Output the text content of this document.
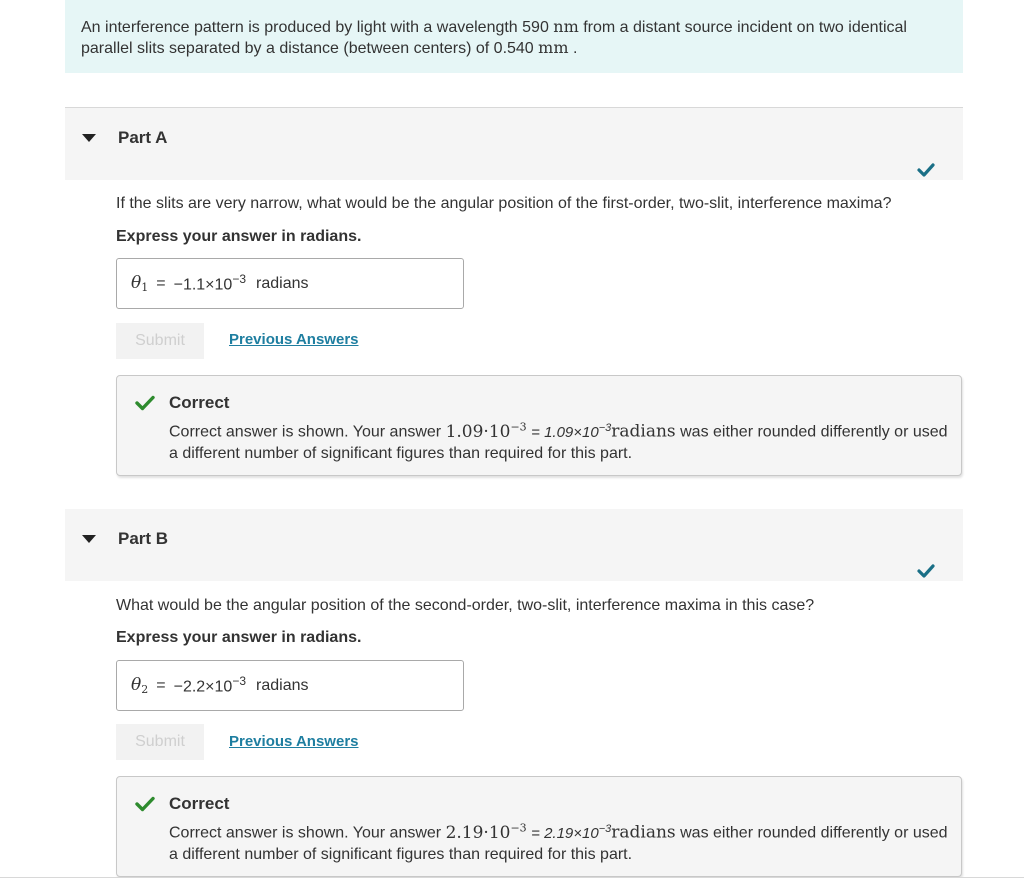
An interference pattern is produced by light with a wavelength 590 nm from a distant source incident on two identical parallel slits separated by a distance (between centers) of 0.540 mm .
Part A
If the slits are very narrow, what would be the angular position of the first-order, two-slit, interference maxima?
Express your answer in radians.
$\theta_1 = -1.1\times 10^{-3}$ radians
Submit	Previous Answers
Correct
Correct answer is shown. Your answer $1.09\cdot 10^{-3}$ = $1.09\times 10^{-3}radians$ was either rounded differently or used a different number of significant figures than required for this part.
Part B
What would be the angular position of the second-order, two-slit, interference maxima in this case?
Express your answer in radians.
$\theta_2 = -2.2\times 10^{-3}$ radians
Submit	Previous Answers
Correct
Correct answer is shown. Your answer $2.19\cdot 10^{-3}$ = $2.19\times 10^{-3}radians$ was either rounded differently or used a different number of significant figures than required for this part.
